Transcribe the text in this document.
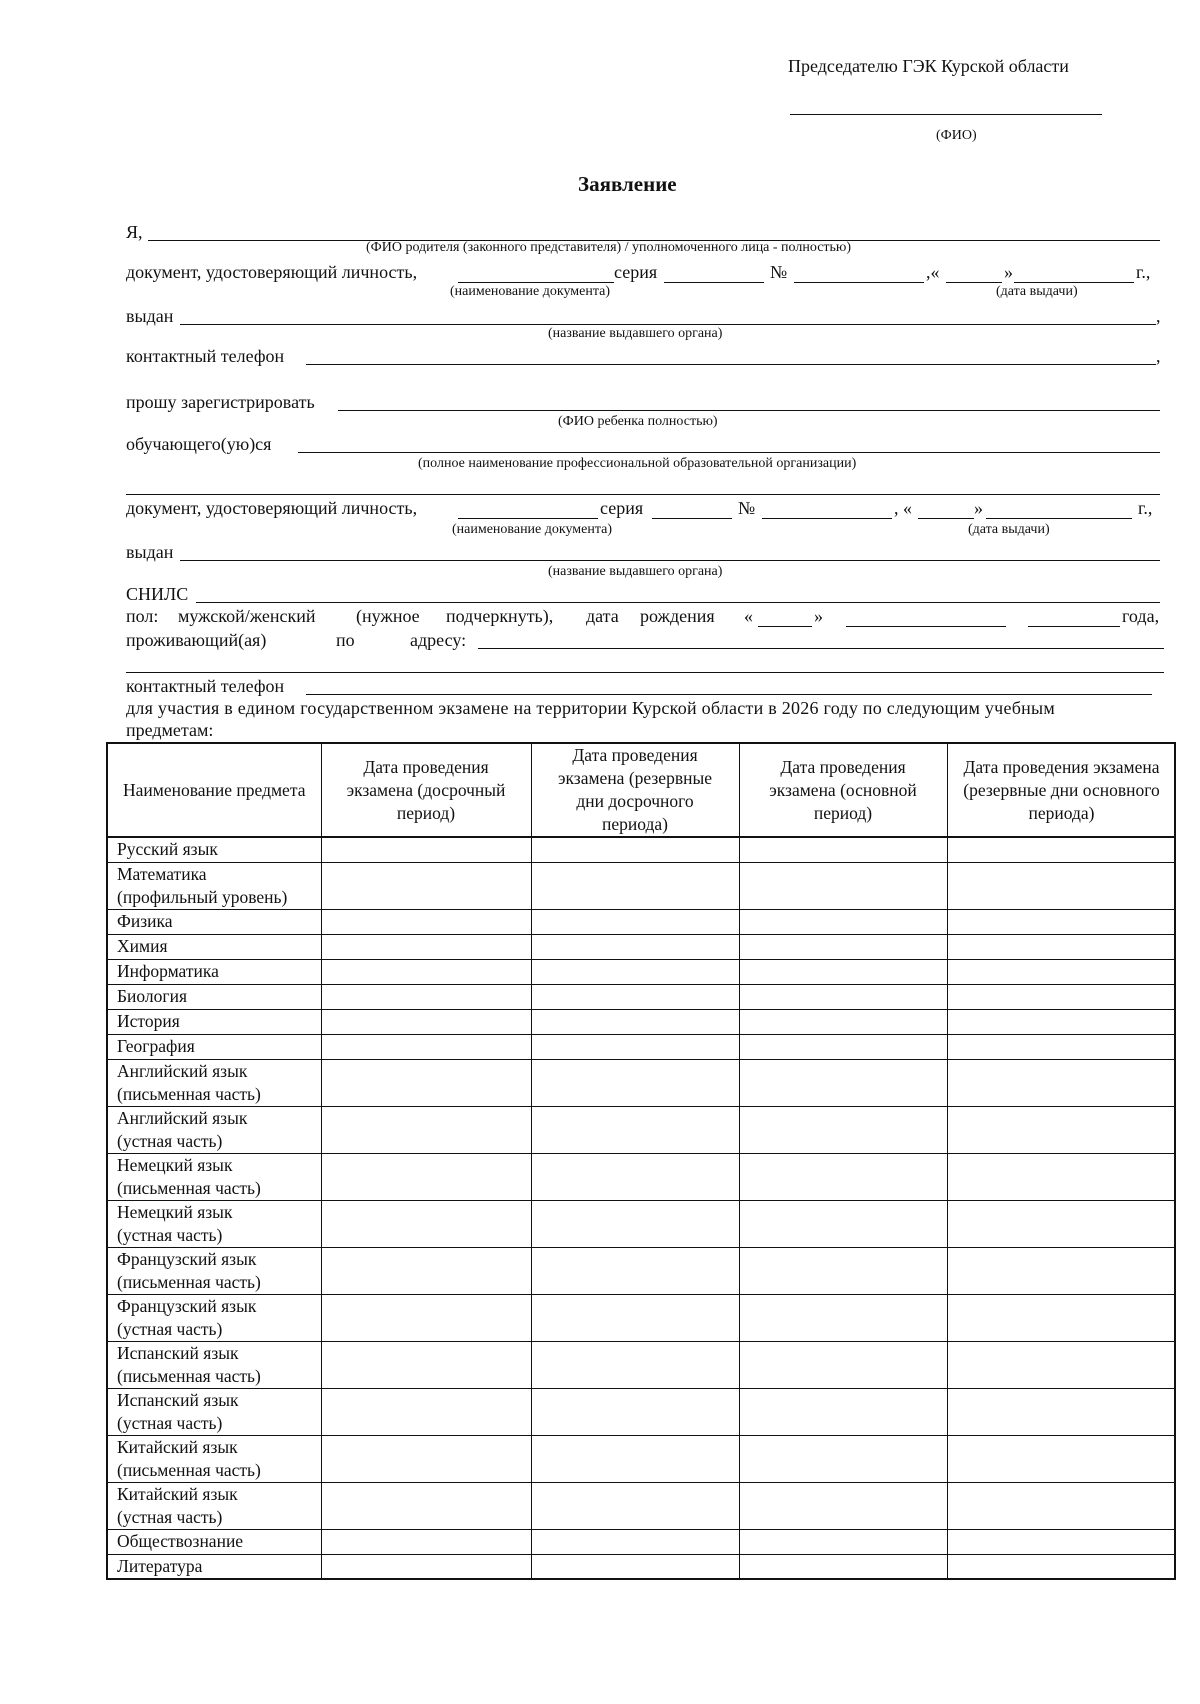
Председателю ГЭК Курской области
(ФИО)
Заявление
Я,
(ФИО родителя (законного представителя) / уполномоченного лица - полностью)
документ, удостоверяющий личность,	серия	№	,«	»	г.,
(наименование документа)	(дата выдачи)
выдан	,
(название выдавшего органа)
контактный телефон	,
прошу зарегистрировать
(ФИО ребенка полностью)
обучающего(ую)ся
(полное наименование профессиональной образовательной организации)
документ, удостоверяющий личность,	серия	№	, «	»	г.,
(наименование документа)	(дата выдачи)
выдан
(название выдавшего органа)
СНИЛС
пол: мужской/женский (нужное подчеркнуть), дата рождения «	»	года,
проживающий(ая)	по	адресу:
контактный телефон
для участия в едином государственном экзамене на территории Курской области в 2026 году по следующим учебным
предметам:
Наименование предмета	Дата проведения экзамена (досрочный период)	Дата проведения экзамена (резервные дни досрочного периода)	Дата проведения экзамена (основной период)	Дата проведения экзамена (резервные дни основного периода)

Русский язык				

Математика
(профильный уровень)				

Физика				

Химия				

Информатика				

Биология				

История				

География				

Английский язык
(письменная часть)				

Английский язык
(устная часть)				

Немецкий язык
(письменная часть)				

Немецкий язык
(устная часть)				

Французский язык
(письменная часть)				

Французский язык
(устная часть)				

Испанский язык
(письменная часть)				

Испанский язык
(устная часть)				

Китайский язык
(письменная часть)				

Китайский язык
(устная часть)				

Обществознание				

Литература				
